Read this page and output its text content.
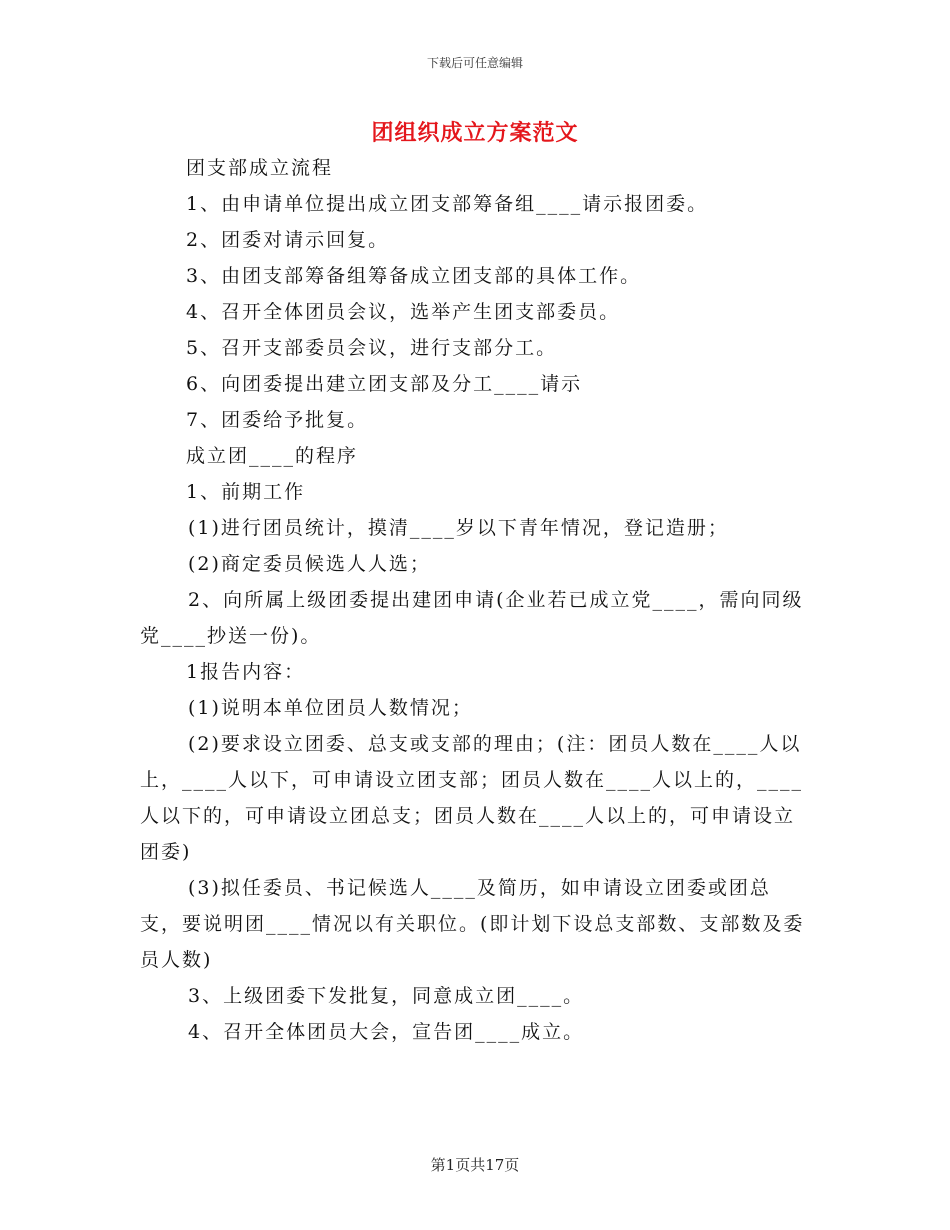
下载后可任意编辑
团组织成立方案范文

团支部成立流程

1、由申请单位提出成立团支部筹备组____请示报团委。

2、团委对请示回复。

3、由团支部筹备组筹备成立团支部的具体工作。

4、召开全体团员会议，选举产生团支部委员。

5、召开支部委员会议，进行支部分工。

6、向团委提出建立团支部及分工____请示

7、团委给予批复。

成立团____的程序

1、前期工作

(1)进行团员统计，摸清____岁以下青年情况，登记造册；

(2)商定委员候选人人选；

2、向所属上级团委提出建团申请(企业若已成立党____，需向同级党____抄送一份)。

1报告内容：

(1)说明本单位团员人数情况；

(2)要求设立团委、总支或支部的理由；(注：团员人数在____人以上，____人以下，可申请设立团支部；团员人数在____人以上的，____人以下的，可申请设立团总支；团员人数在____人以上的，可申请设立团委)

(3)拟任委员、书记候选人____及简历，如申请设立团委或团总支，要说明团____情况以有关职位。(即计划下设总支部数、支部数及委员人数)

3、上级团委下发批复，同意成立团____。

4、召开全体团员大会，宣告团____成立。

第1页共17页
